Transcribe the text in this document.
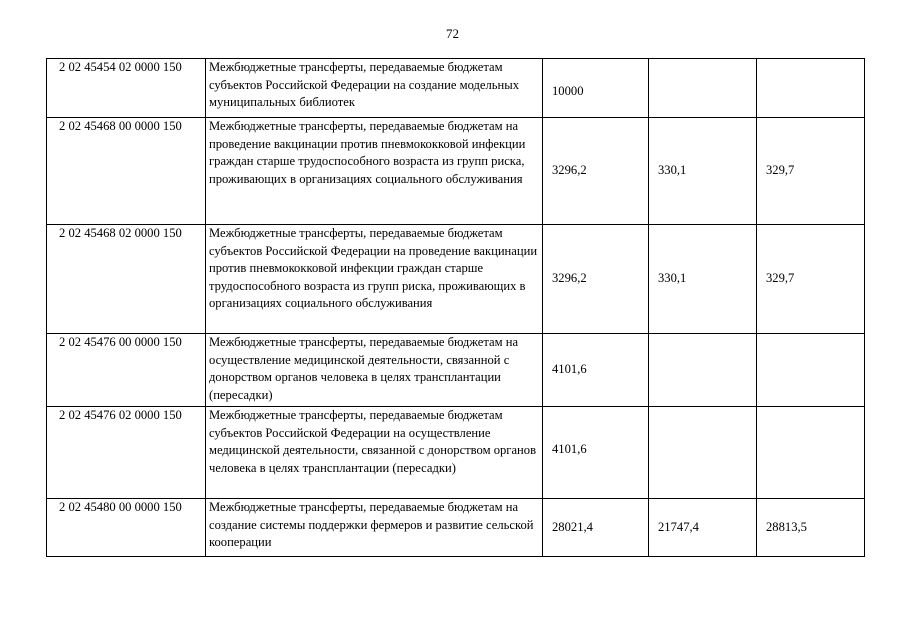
72
2 02 45454 02 0000 150	Межбюджетные трансферты, передаваемые бюджетам субъектов Российской Федерации на создание модельных муниципальных библиотек	10000		
2 02 45468 00 0000 150	Межбюджетные трансферты, передаваемые бюджетам на проведение вакцинации против пневмококковой инфекции граждан старше трудоспособного возраста из групп риска, проживающих в организациях социального обслуживания	3296,2	330,1	329,7
2 02 45468 02 0000 150	Межбюджетные трансферты, передаваемые бюджетам субъектов Российской Федерации на проведение вакцинации против пневмококковой инфекции граждан старше трудоспособного возраста из групп риска, проживающих в организациях социального обслуживания	3296,2	330,1	329,7
2 02 45476 00 0000 150	Межбюджетные трансферты, передаваемые бюджетам на осуществление медицинской деятельности, связанной с донорством органов человека в целях трансплантации (пересадки)	4101,6		
2 02 45476 02 0000 150	Межбюджетные трансферты, передаваемые бюджетам субъектов Российской Федерации на осуществление медицинской деятельности, связанной с донорством органов человека в целях трансплантации (пересадки)	4101,6		
2 02 45480 00 0000 150	Межбюджетные трансферты, передаваемые бюджетам на создание системы поддержки фермеров и развитие сельской кооперации	28021,4	21747,4	28813,5
